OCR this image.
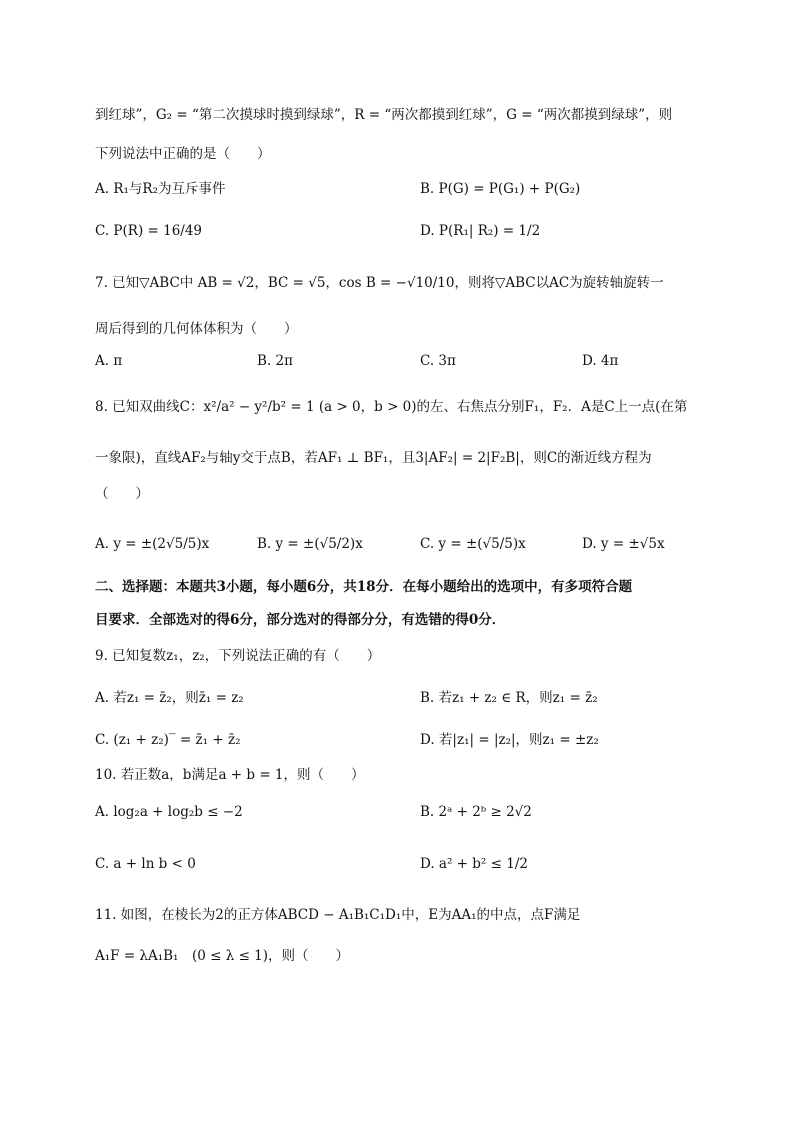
到红球”，G₂ = “第二次摸球时摸到绿球”，R = “两次都摸到红球”，G = “两次都摸到绿球”，则
下列说法中正确的是（　　）
A. R₁与R₂为互斥事件	B. P(G) = P(G₁) + P(G₂)
C. P(R) = 16/49	D. P(R₁| R₂) = 1/2
7. 已知▽ABC中 AB = √2，BC = √5，cos B = −√10/10，则将▽ABC以AC为旋转轴旋转一
周后得到的几何体体积为（　　）
A. π	B. 2π	C. 3π	D. 4π
8. 已知双曲线C：x²/a² − y²/b² = 1 (a > 0，b > 0)的左、右焦点分别F₁，F₂．A是C上一点(在第
一象限)，直线AF₂与轴y交于点B，若AF₁ ⊥ BF₁，且3|AF₂| = 2|F₂B|，则C的渐近线方程为
（　　）
A. y = ±(2√5/5)x	B. y = ±(√5/2)x	C. y = ±(√5/5)x	D. y = ±√5x
二、选择题：本题共3小题，每小题6分，共18分．在每小题给出的选项中，有多项符合题
目要求．全部选对的得6分，部分选对的得部分分，有选错的得0分．
9. 已知复数z₁，z₂，下列说法正确的有（　　）
A. 若z₁ = z̄₂，则z̄₁ = z₂	B. 若z₁ + z₂ ∈ R，则z₁ = z̄₂
C. (z₁ + z₂)‾ = z̄₁ + z̄₂	D. 若|z₁| = |z₂|，则z₁ = ±z₂
10. 若正数a，b满足a + b = 1，则（　　）
A. log₂a + log₂b ≤ −2	B. 2ᵃ + 2ᵇ ≥ 2√2
C. a + ln b < 0	D. a² + b² ≤ 1/2
11. 如图，在棱长为2的正方体ABCD − A₁B₁C₁D₁中，E为AA₁的中点，点F满足
A₁F = λA₁B₁　(0 ≤ λ ≤ 1)，则（　　）
